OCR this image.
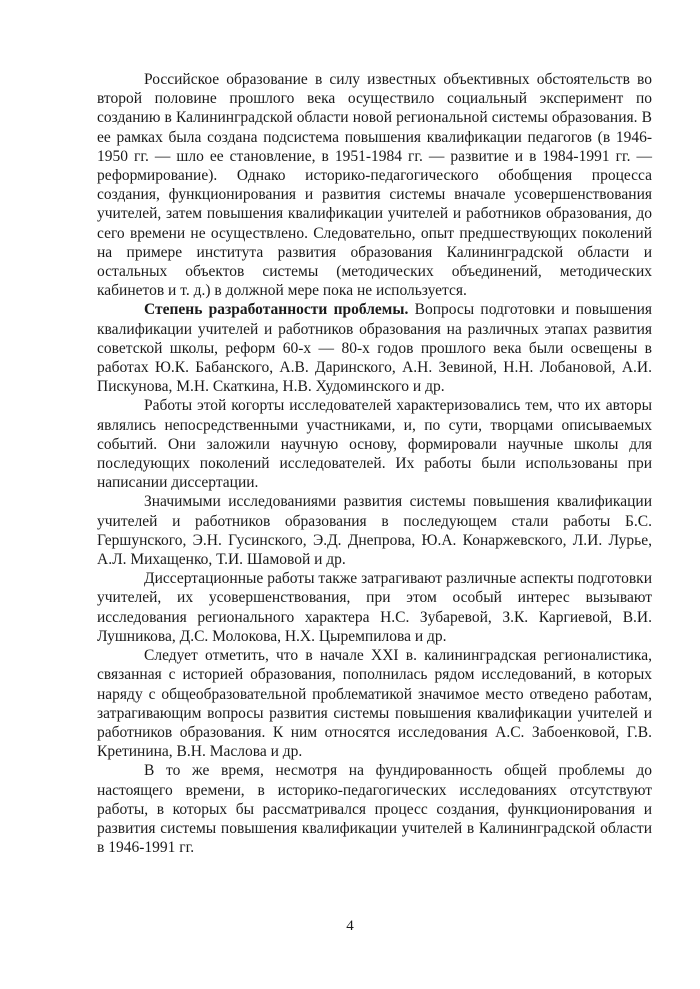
Российское образование в силу известных объективных обстоятельств во второй половине прошлого века осуществило социальный эксперимент по созданию в Калининградской области новой региональной системы образования. В ее рамках была создана подсистема повышения квалификации педагогов (в 1946-1950 гг. — шло ее становление, в 1951-1984 гг. — развитие и в 1984-1991 гг. — реформирование). Однако историко-педагогического обобщения процесса создания, функционирования и развития системы вначале усовершенствования учителей, затем повышения квалификации учителей и работников образования, до сего времени не осуществлено. Следовательно, опыт предшествующих поколений на примере института развития образования Калининградской области и остальных объектов системы (методических объединений, методических кабинетов и т. д.) в должной мере пока не используется.

Степень разработанности проблемы. Вопросы подготовки и повышения квалификации учителей и работников образования на различных этапах развития советской школы, реформ 60-х — 80-х годов прошлого века были освещены в работах Ю.К. Бабанского, А.В. Даринского, А.Н. Зевиной, Н.Н. Лобановой, А.И. Пискунова, М.Н. Скаткина, Н.В. Худоминского и др.

Работы этой когорты исследователей характеризовались тем, что их авторы являлись непосредственными участниками, и, по сути, творцами описываемых событий. Они заложили научную основу, формировали научные школы для последующих поколений исследователей. Их работы были использованы при написании диссертации.

Значимыми исследованиями развития системы повышения квалификации учителей и работников образования в последующем стали работы Б.С. Гершунского, Э.Н. Гусинского, Э.Д. Днепрова, Ю.А. Конаржевского, Л.И. Лурье, А.Л. Михащенко, Т.И. Шамовой и др.

Диссертационные работы также затрагивают различные аспекты подготовки учителей, их усовершенствования, при этом особый интерес вызывают исследования регионального характера Н.С. Зубаревой, З.К. Каргиевой, В.И. Лушникова, Д.С. Молокова, Н.Х. Цыремпилова и др.

Следует отметить, что в начале XXI в. калининградская регионалистика, связанная с историей образования, пополнилась рядом исследований, в которых наряду с общеобразовательной проблематикой значимое место отведено работам, затрагивающим вопросы развития системы повышения квалификации учителей и работников образования. К ним относятся исследования А.С. Забоенковой, Г.В. Кретинина, В.Н. Маслова и др.

В то же время, несмотря на фундированность общей проблемы до настоящего времени, в историко-педагогических исследованиях отсутствуют работы, в которых бы рассматривался процесс создания, функционирования и развития системы повышения квалификации учителей в Калининградской области в 1946-1991 гг.

4
